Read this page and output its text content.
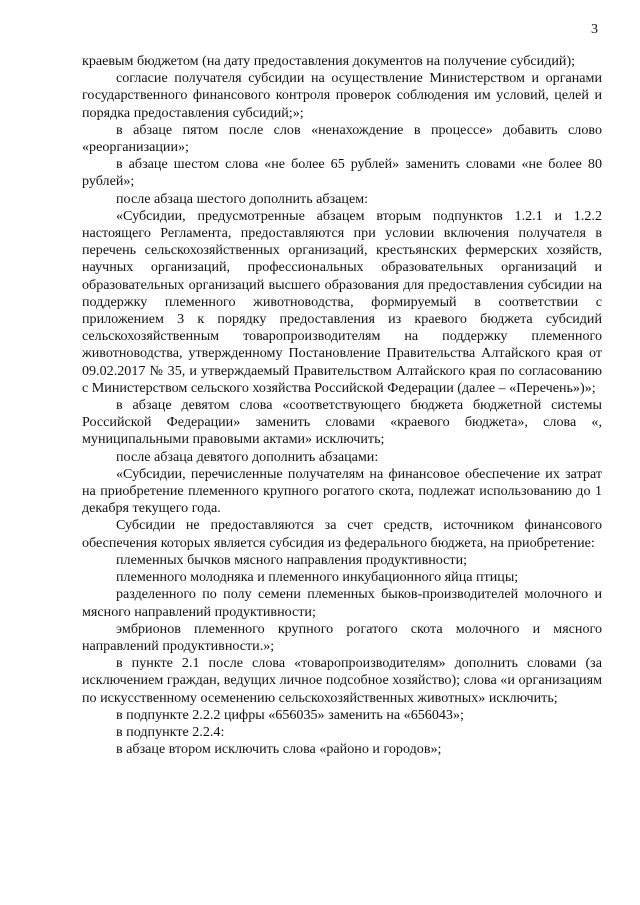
3

краевым бюджетом (на дату предоставления документов на получение субсидий);

согласие получателя субсидии на осуществление Министерством и органами государственного финансового контроля проверок соблюдения им условий, целей и порядка предоставления субсидий;»;

в абзаце пятом после слов «ненахождение в процессе» добавить слово «реорганизации»;

в абзаце шестом слова «не более 65 рублей» заменить словами «не более 80 рублей»;

после абзаца шестого дополнить абзацем:

«Субсидии, предусмотренные абзацем вторым подпунктов 1.2.1 и 1.2.2 настоящего Регламента, предоставляются при условии включения получателя в перечень сельскохозяйственных организаций, крестьянских фермерских хозяйств, научных организаций, профессиональных образовательных организаций и образовательных организаций высшего образования для предоставления субсидии на поддержку племенного животноводства, формируемый в соответствии с приложением 3 к порядку предоставления из краевого бюджета субсидий сельскохозяйственным товаропроизводителям на поддержку племенного животноводства, утвержденному Постановление Правительства Алтайского края от 09.02.2017 № 35, и утверждаемый Правительством Алтайского края по согласованию с Министерством сельского хозяйства Российской Федерации (далее – «Перечень»)»;

в абзаце девятом слова «соответствующего бюджета бюджетной системы Российской Федерации» заменить словами «краевого бюджета», слова «, муниципальными правовыми актами» исключить;

после абзаца девятого дополнить абзацами:

«Субсидии, перечисленные получателям на финансовое обеспечение их затрат на приобретение племенного крупного рогатого скота, подлежат использованию до 1 декабря текущего года.

Субсидии не предоставляются за счет средств, источником финансового обеспечения которых является субсидия из федерального бюджета, на приобретение:

племенных бычков мясного направления продуктивности;

племенного молодняка и племенного инкубационного яйца птицы;

разделенного по полу семени племенных быков-производителей молочного и мясного направлений продуктивности;

эмбрионов племенного крупного рогатого скота молочного и мясного направлений продуктивности.»;

в пункте 2.1 после слова «товаропроизводителям» дополнить словами (за исключением граждан, ведущих личное подсобное хозяйство); слова «и организациям по искусственному осеменению сельскохозяйственных животных» исключить;

в подпункте 2.2.2 цифры «656035» заменить на «656043»;

в подпункте 2.2.4:

в абзаце втором исключить слова «районо и городов»;
